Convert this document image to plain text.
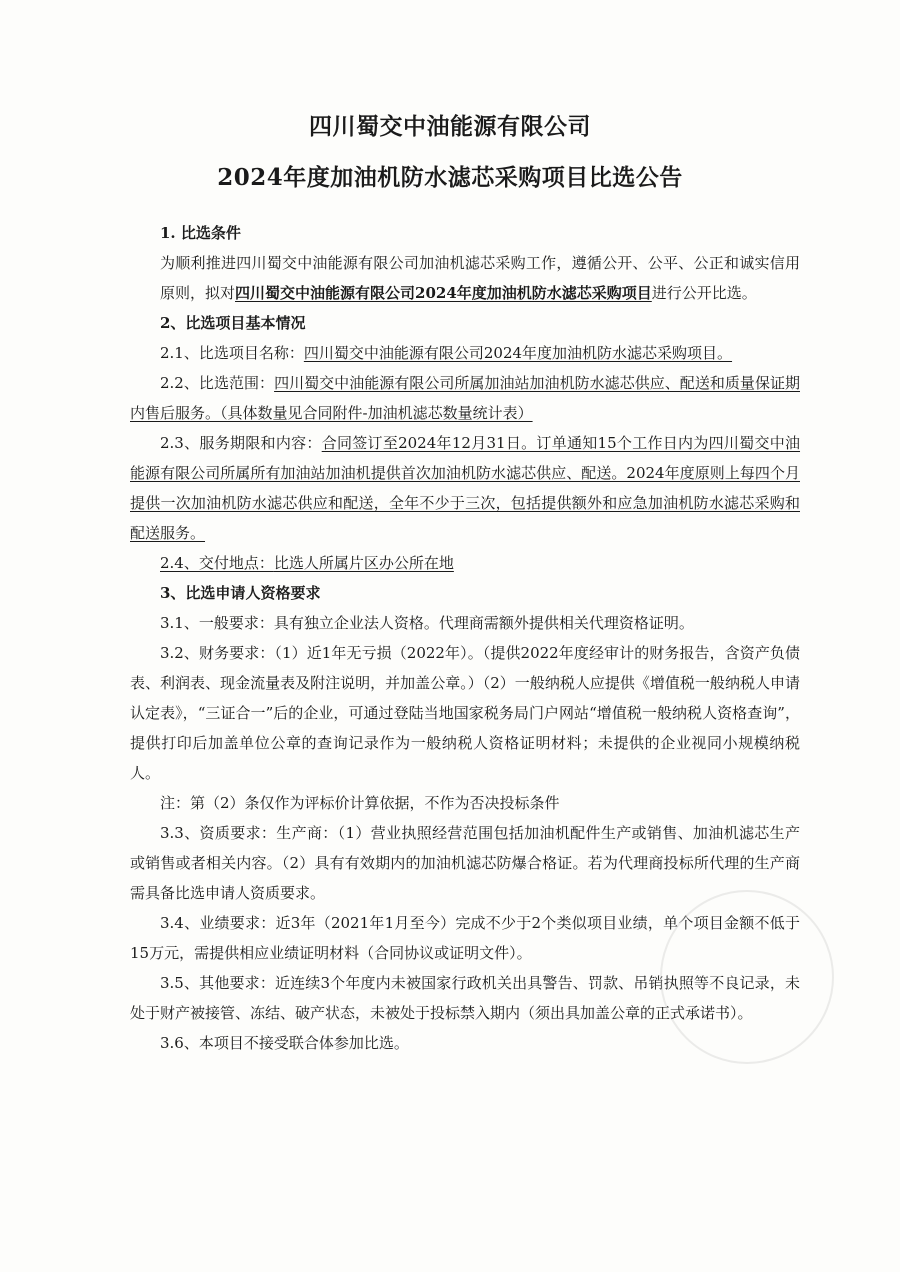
四川蜀交中油能源有限公司
2024年度加油机防水滤芯采购项目比选公告

1. 比选条件

为顺利推进四川蜀交中油能源有限公司加油机滤芯采购工作，遵循公开、公平、公正和诚实信用原则，拟对四川蜀交中油能源有限公司2024年度加油机防水滤芯采购项目进行公开比选。

2、比选项目基本情况

2.1、比选项目名称：四川蜀交中油能源有限公司2024年度加油机防水滤芯采购项目。

2.2、比选范围：四川蜀交中油能源有限公司所属加油站加油机防水滤芯供应、配送和质量保证期内售后服务。（具体数量见合同附件-加油机滤芯数量统计表）

2.3、服务期限和内容：合同签订至2024年12月31日。订单通知15个工作日内为四川蜀交中油能源有限公司所属所有加油站加油机提供首次加油机防水滤芯供应、配送。2024年度原则上每四个月提供一次加油机防水滤芯供应和配送，全年不少于三次，包括提供额外和应急加油机防水滤芯采购和配送服务。

2.4、交付地点：比选人所属片区办公所在地

3、比选申请人资格要求

3.1、一般要求：具有独立企业法人资格。代理商需额外提供相关代理资格证明。

3.2、财务要求：（1）近1年无亏损（2022年）。（提供2022年度经审计的财务报告，含资产负债表、利润表、现金流量表及附注说明，并加盖公章。）（2）一般纳税人应提供《增值税一般纳税人申请认定表》，“三证合一”后的企业，可通过登陆当地国家税务局门户网站“增值税一般纳税人资格查询”，提供打印后加盖单位公章的查询记录作为一般纳税人资格证明材料；未提供的企业视同小规模纳税人。

注：第（2）条仅作为评标价计算依据，不作为否决投标条件

3.3、资质要求：生产商：（1）营业执照经营范围包括加油机配件生产或销售、加油机滤芯生产或销售或者相关内容。（2）具有有效期内的加油机滤芯防爆合格证。若为代理商投标所代理的生产商需具备比选申请人资质要求。

3.4、业绩要求：近3年（2021年1月至今）完成不少于2个类似项目业绩，单个项目金额不低于15万元，需提供相应业绩证明材料（合同协议或证明文件）。

3.5、其他要求：近连续3个年度内未被国家行政机关出具警告、罚款、吊销执照等不良记录，未处于财产被接管、冻结、破产状态，未被处于投标禁入期内（须出具加盖公章的正式承诺书）。

3.6、本项目不接受联合体参加比选。
